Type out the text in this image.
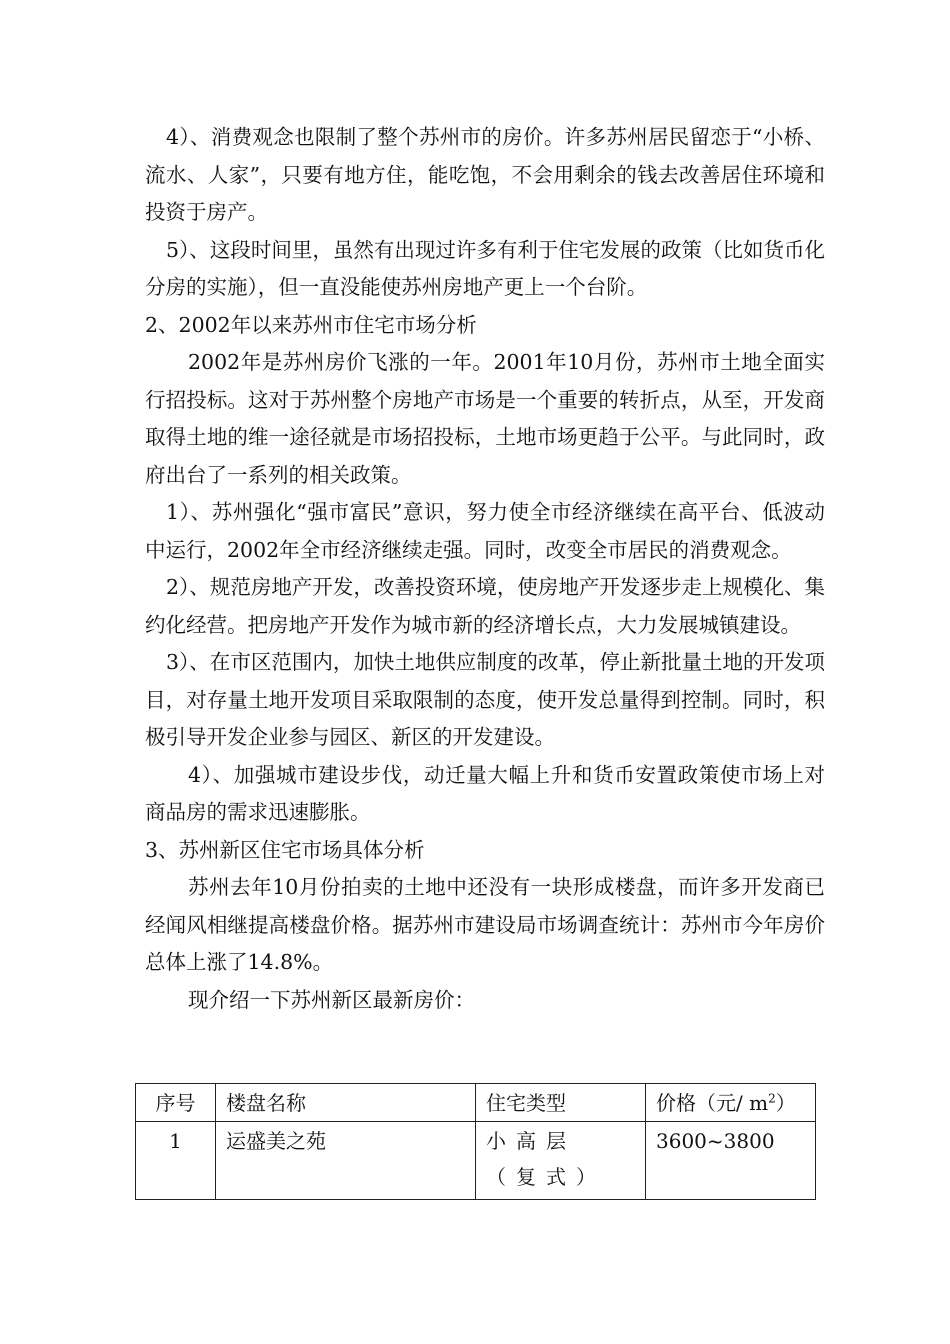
4）、消费观念也限制了整个苏州市的房价。许多苏州居民留恋于“小桥、流水、人家”，只要有地方住，能吃饱，不会用剩余的钱去改善居住环境和投资于房产。

5）、这段时间里，虽然有出现过许多有利于住宅发展的政策（比如货币化分房的实施），但一直没能使苏州房地产更上一个台阶。

2、2002年以来苏州市住宅市场分析

2002年是苏州房价飞涨的一年。2001年10月份，苏州市土地全面实行招投标。这对于苏州整个房地产市场是一个重要的转折点，从至，开发商取得土地的维一途径就是市场招投标，土地市场更趋于公平。与此同时，政府出台了一系列的相关政策。

1）、苏州强化“强市富民”意识，努力使全市经济继续在高平台、低波动中运行，2002年全市经济继续走强。同时，改变全市居民的消费观念。

2）、规范房地产开发，改善投资环境，使房地产开发逐步走上规模化、集约化经营。把房地产开发作为城市新的经济增长点，大力发展城镇建设。

3）、在市区范围内，加快土地供应制度的改革，停止新批量土地的开发项目，对存量土地开发项目采取限制的态度，使开发总量得到控制。同时，积极引导开发企业参与园区、新区的开发建设。

4）、加强城市建设步伐，动迁量大幅上升和货币安置政策使市场上对商品房的需求迅速膨胀。

3、苏州新区住宅市场具体分析

苏州去年10月份拍卖的土地中还没有一块形成楼盘，而许多开发商已经闻风相继提高楼盘价格。据苏州市建设局市场调查统计：苏州市今年房价总体上涨了14.8%。

现介绍一下苏州新区最新房价：

序号	楼盘名称	住宅类型	价格（元/ $m^2$）
1	运盛美之苑	小高层（复式）	3600~3800
